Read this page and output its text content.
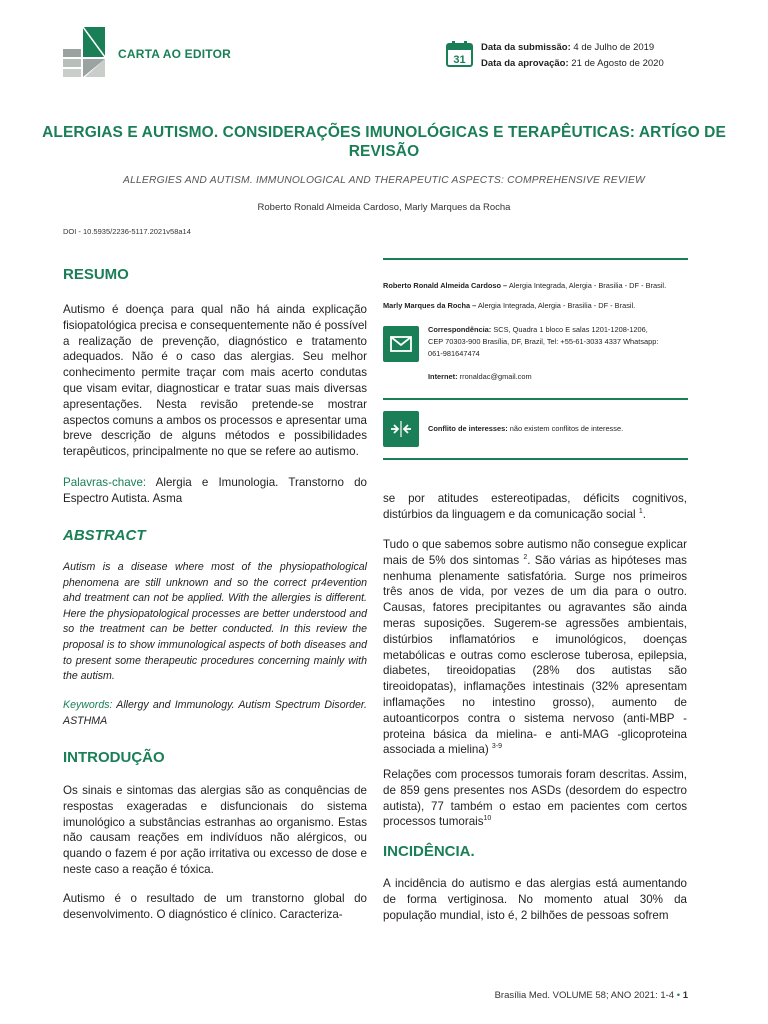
CARTA AO EDITOR	31
Data da submissão: 4 de Julho de 2019
Data da aprovação: 21 de Agosto de 2020
ALERGIAS E AUTISMO. CONSIDERAÇÕES IMUNOLÓGICAS E TERAPÊUTICAS: ARTÍGO DE REVISÃO
ALLERGIES AND AUTISM. IMMUNOLOGICAL AND THERAPEUTIC ASPECTS: COMPREHENSIVE REVIEW
Roberto Ronald Almeida Cardoso, Marly Marques da Rocha
DOI - 10.5935/2236-5117.2021v58a14
RESUMO
Autismo é doença para qual não há ainda explicação fisiopatológica precisa e consequentemente não é possível a realização de prevenção, diagnóstico e tratamento adequados. Não é o caso das alergias. Seu melhor conhecimento permite traçar com mais acerto condutas que visam evitar, diagnosticar e tratar suas mais diversas apresentações. Nesta revisão pretende-se mostrar aspectos comuns a ambos os processos e apresentar uma breve descrição de alguns métodos e possibilidades terapêuticos, principalmente no que se refere ao autismo.
Palavras-chave: Alergia e Imunologia. Transtorno do Espectro Autista. Asma
ABSTRACT
Autism is a disease where most of the physiopathological phenomena are still unknown and so the correct pr4evention ahd treatment can not be applied. With the allergies is different. Here the physiopatological processes are better understood and so the treatment can be better conducted. In this review the proposal is to show immunological aspects of both diseases and to present some therapeutic procedures concerning mainly with the autism.
Keywords: Allergy and Immunology. Autism Spectrum Disorder. ASTHMA
INTRODUÇÃO
Os sinais e sintomas das alergias são as conquências de respostas exageradas e disfuncionais do sistema imunológico a substâncias estranhas ao organismo. Estas não causam reações em indivíduos não alérgicos, ou quando o fazem é por ação irritativa ou excesso de dose e neste caso a reação é tóxica.
Autismo é o resultado de um transtorno global do desenvolvimento. O diagnóstico é clínico. Caracteriza-
Roberto Ronald Almeida Cardoso – Alergia Integrada, Alergia - Brasilia - DF - Brasil.
Marly Marques da Rocha – Alergia Integrada, Alergia - Brasilia - DF - Brasil.
Correspondência: SCS, Quadra 1 bloco E salas 1201-1208-1206,
CEP 70303-900 Brasília, DF, Brazil, Tel: +55-61-3033 4337 Whatsapp:
061-981647474
Internet: rronaldac@gmail.com
Conflito de interesses: não existem conflitos de interesse.
se por atitudes estereotipadas, déficits cognitivos, distúrbios da linguagem e da comunicação social $^1$.
Tudo o que sabemos sobre autismo não consegue explicar mais de 5% dos sintomas $^2$. São várias as hipóteses mas nenhuma plenamente satisfatória. Surge nos primeiros três anos de vida, por vezes de um dia para o outro. Causas, fatores precipitantes ou agravantes são ainda meras suposições. Sugerem-se agressões ambientais, distúrbios inflamatórios e imunológicos, doenças metabólicas e outras como esclerose tuberosa, epilepsia, diabetes, tireoidopatias (28% dos autistas são tireoidopatas), inflamações intestinais (32% apresentam inflamações no intestino grosso), aumento de autoanticorpos contra o sistema nervoso (anti-MBP -proteina básica da mielina- e anti-MAG -glicoproteina associada a mielina) $^{3-9}$
Relações com processos tumorais foram descritas. Assim, de 859 gens presentes nos ASDs (desordem do espectro autista), 77 também o estao em pacientes com certos processos tumorais$^{10}$
INCIDÊNCIA.
A incidência do autismo e das alergias está aumentando de forma vertiginosa. No momento atual 30% da população mundial, isto é, 2 bilhões de pessoas sofrem
Brasília Med. VOLUME 58; ANO 2021: 1-4 • 1
